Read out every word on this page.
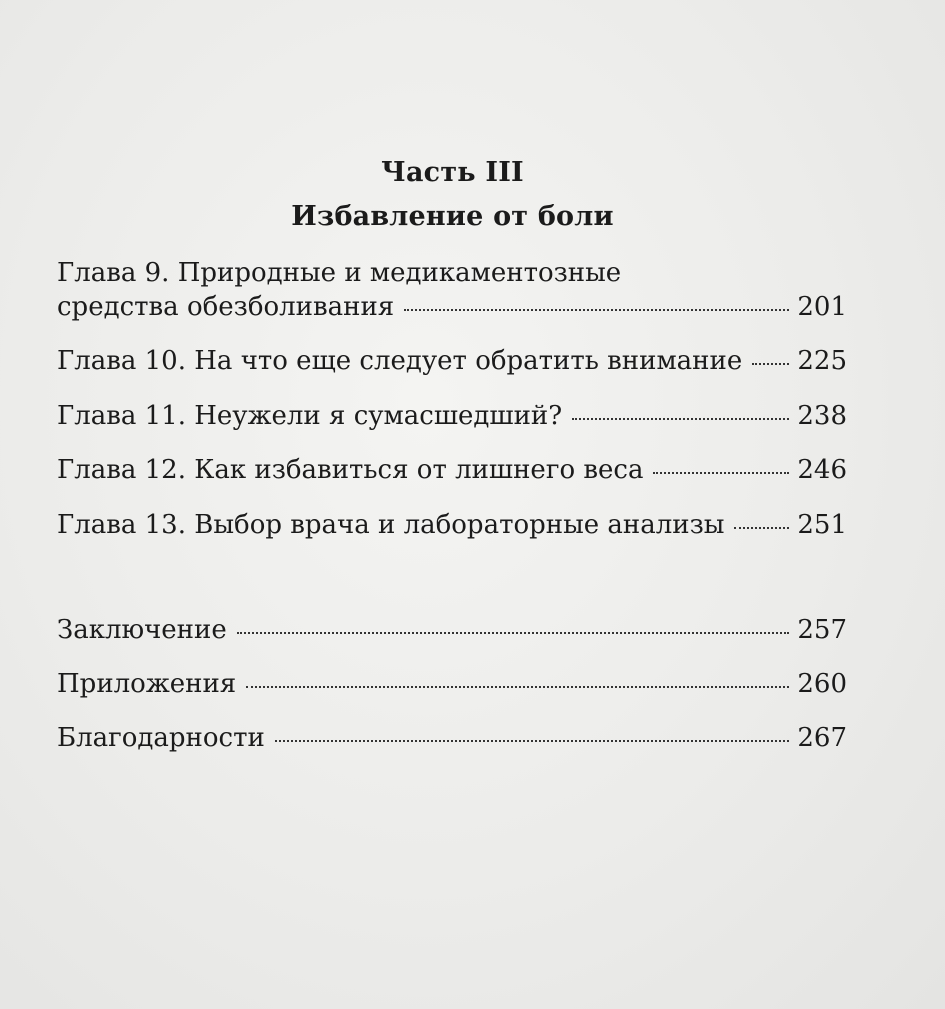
Часть III
Избавление от боли
Глава 9. Природные и медикаментозные
средства обезболивания	201
Глава 10. На что еще следует обратить внимание 225
Глава 11. Неужели я сумасшедший?	238
Глава 12. Как избавиться от лишнего веса	246
Глава 13. Выбор врача и лабораторные анализы	251
Заключение	257
Приложения	260
Благодарности	267
